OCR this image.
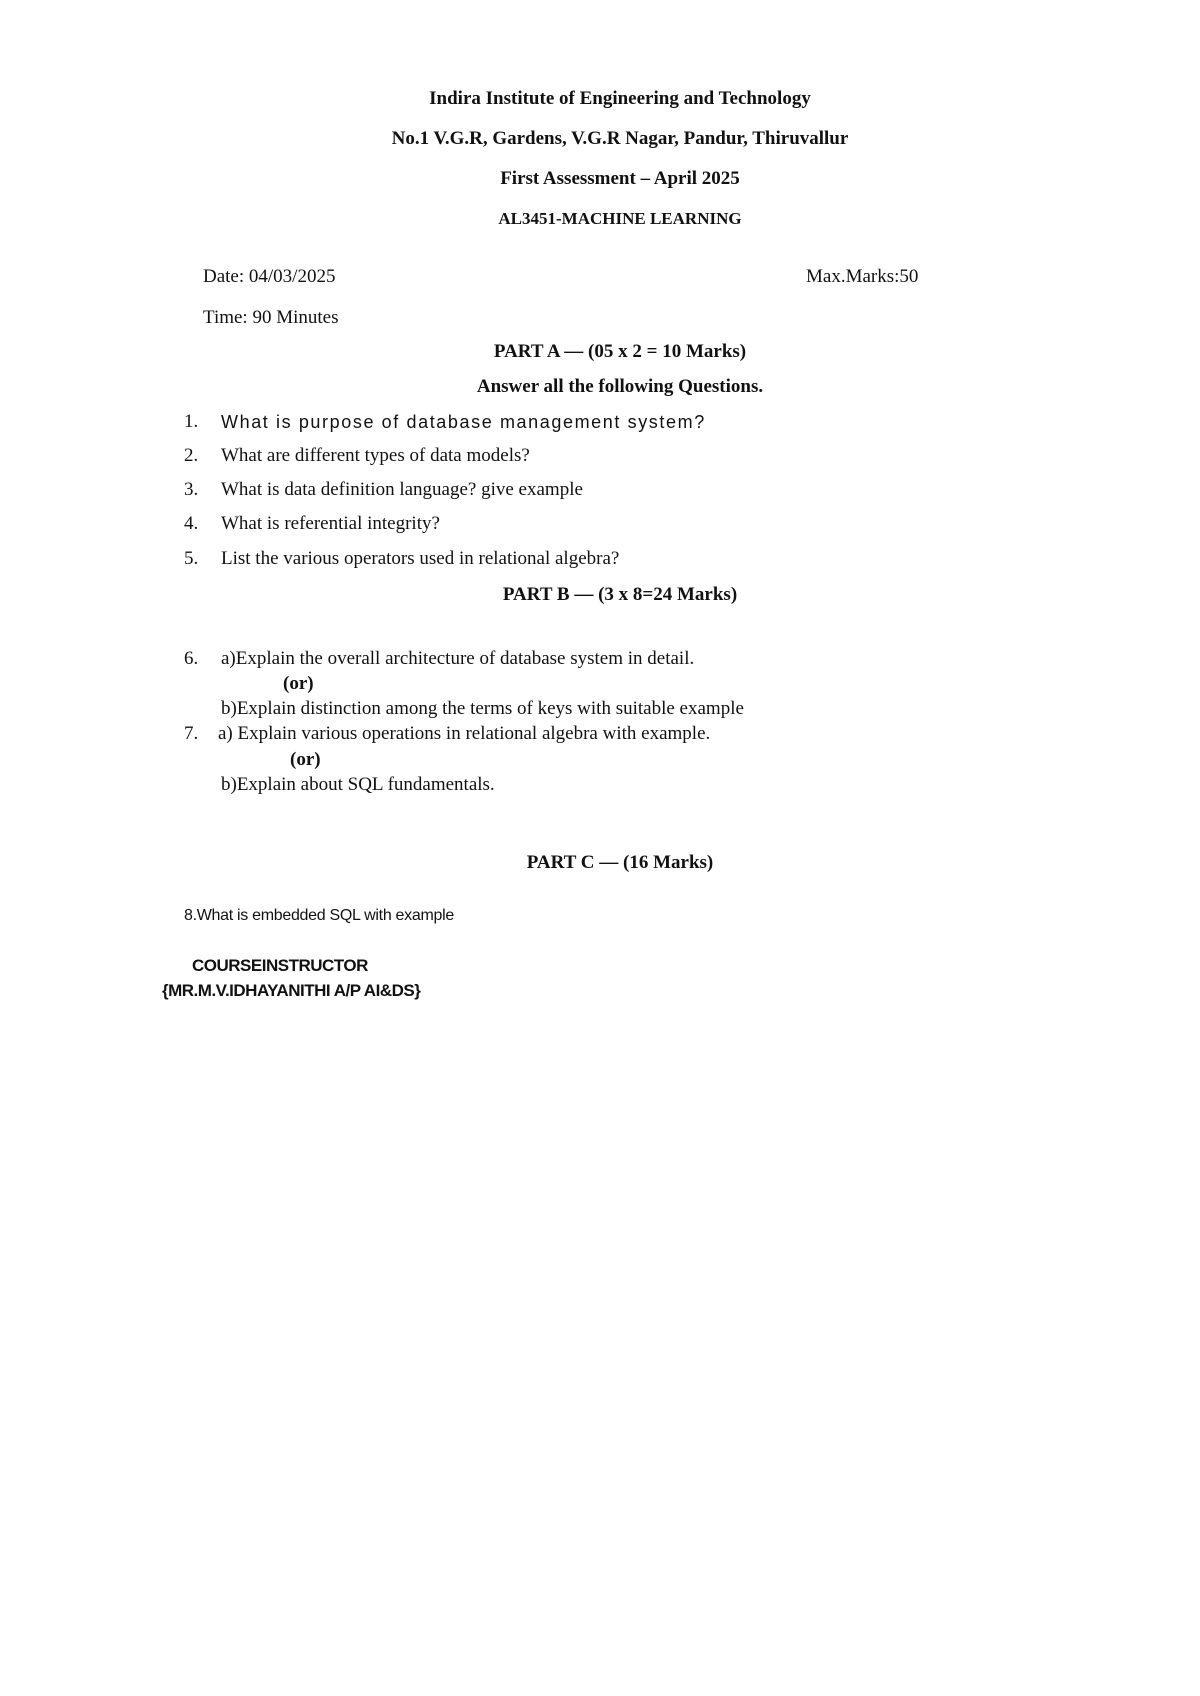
Indira Institute of Engineering and Technology
No.1 V.G.R, Gardens, V.G.R Nagar, Pandur, Thiruvallur
First Assessment – April 2025
AL3451-MACHINE LEARNING
Date: 04/03/2025	Max.Marks:50
Time: 90 Minutes
PART A — (05 x 2 = 10 Marks)
Answer all the following Questions.
1. What is purpose of database management system?
2. What are different types of data models?
3. What is data definition language? give example
4. What is referential integrity?
5. List the various operators used in relational algebra?
PART B — (3 x 8=24 Marks)
6. a)Explain the overall architecture of database system in detail.
(or)
b)Explain distinction among the terms of keys with suitable example
7. a) Explain various operations in relational algebra with example.
(or)
b)Explain about SQL fundamentals.
PART C — (16 Marks)
8.What is embedded SQL with example
COURSEINSTRUCTOR
{MR.M.V.IDHAYANITHI A/P AI&DS}
